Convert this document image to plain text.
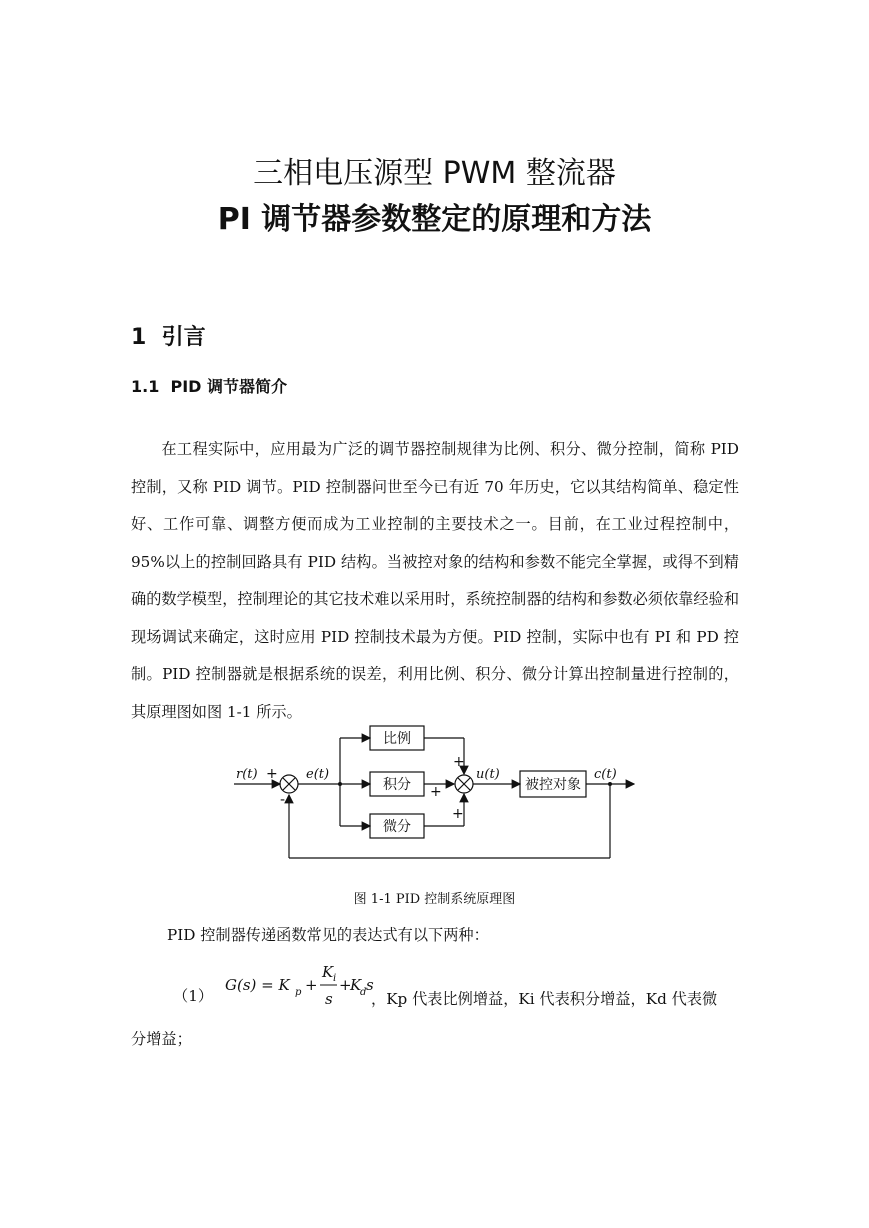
三相电压源型 PWM 整流器
PI 调节器参数整定的原理和方法
1 引言
1.1 PID 调节器简介

在工程实际中，应用最为广泛的调节器控制规律为比例、积分、微分控制，简称 PID 控制，又称 PID 调节。PID 控制器问世至今已有近 70 年历史，它以其结构简单、稳定性好、工作可靠、调整方便而成为工业控制的主要技术之一。目前，在工业过程控制中，95%以上的控制回路具有 PID 结构。当被控对象的结构和参数不能完全掌握，或得不到精确的数学模型，控制理论的其它技术难以采用时，系统控制器的结构和参数必须依靠经验和现场调试来确定，这时应用 PID 控制技术最为方便。PID 控制，实际中也有 PI 和 PD 控制。PID 控制器就是根据系统的误差，利用比例、积分、微分计算出控制量进行控制的，其原理图如图 1-1 所示。

比例
积分
微分
被控对象
r(t)	e(t)	u(t)	c(t)
+
-
+
+
+
图 1-1 PID 控制系统原理图
PID 控制器传递函数常见的表达式有以下两种：
（1）
G(s) = K p +
K i
s
+
K
d s
，Kp 代表比例增益，Ki 代表积分增益，Kd 代表微
分增益；
